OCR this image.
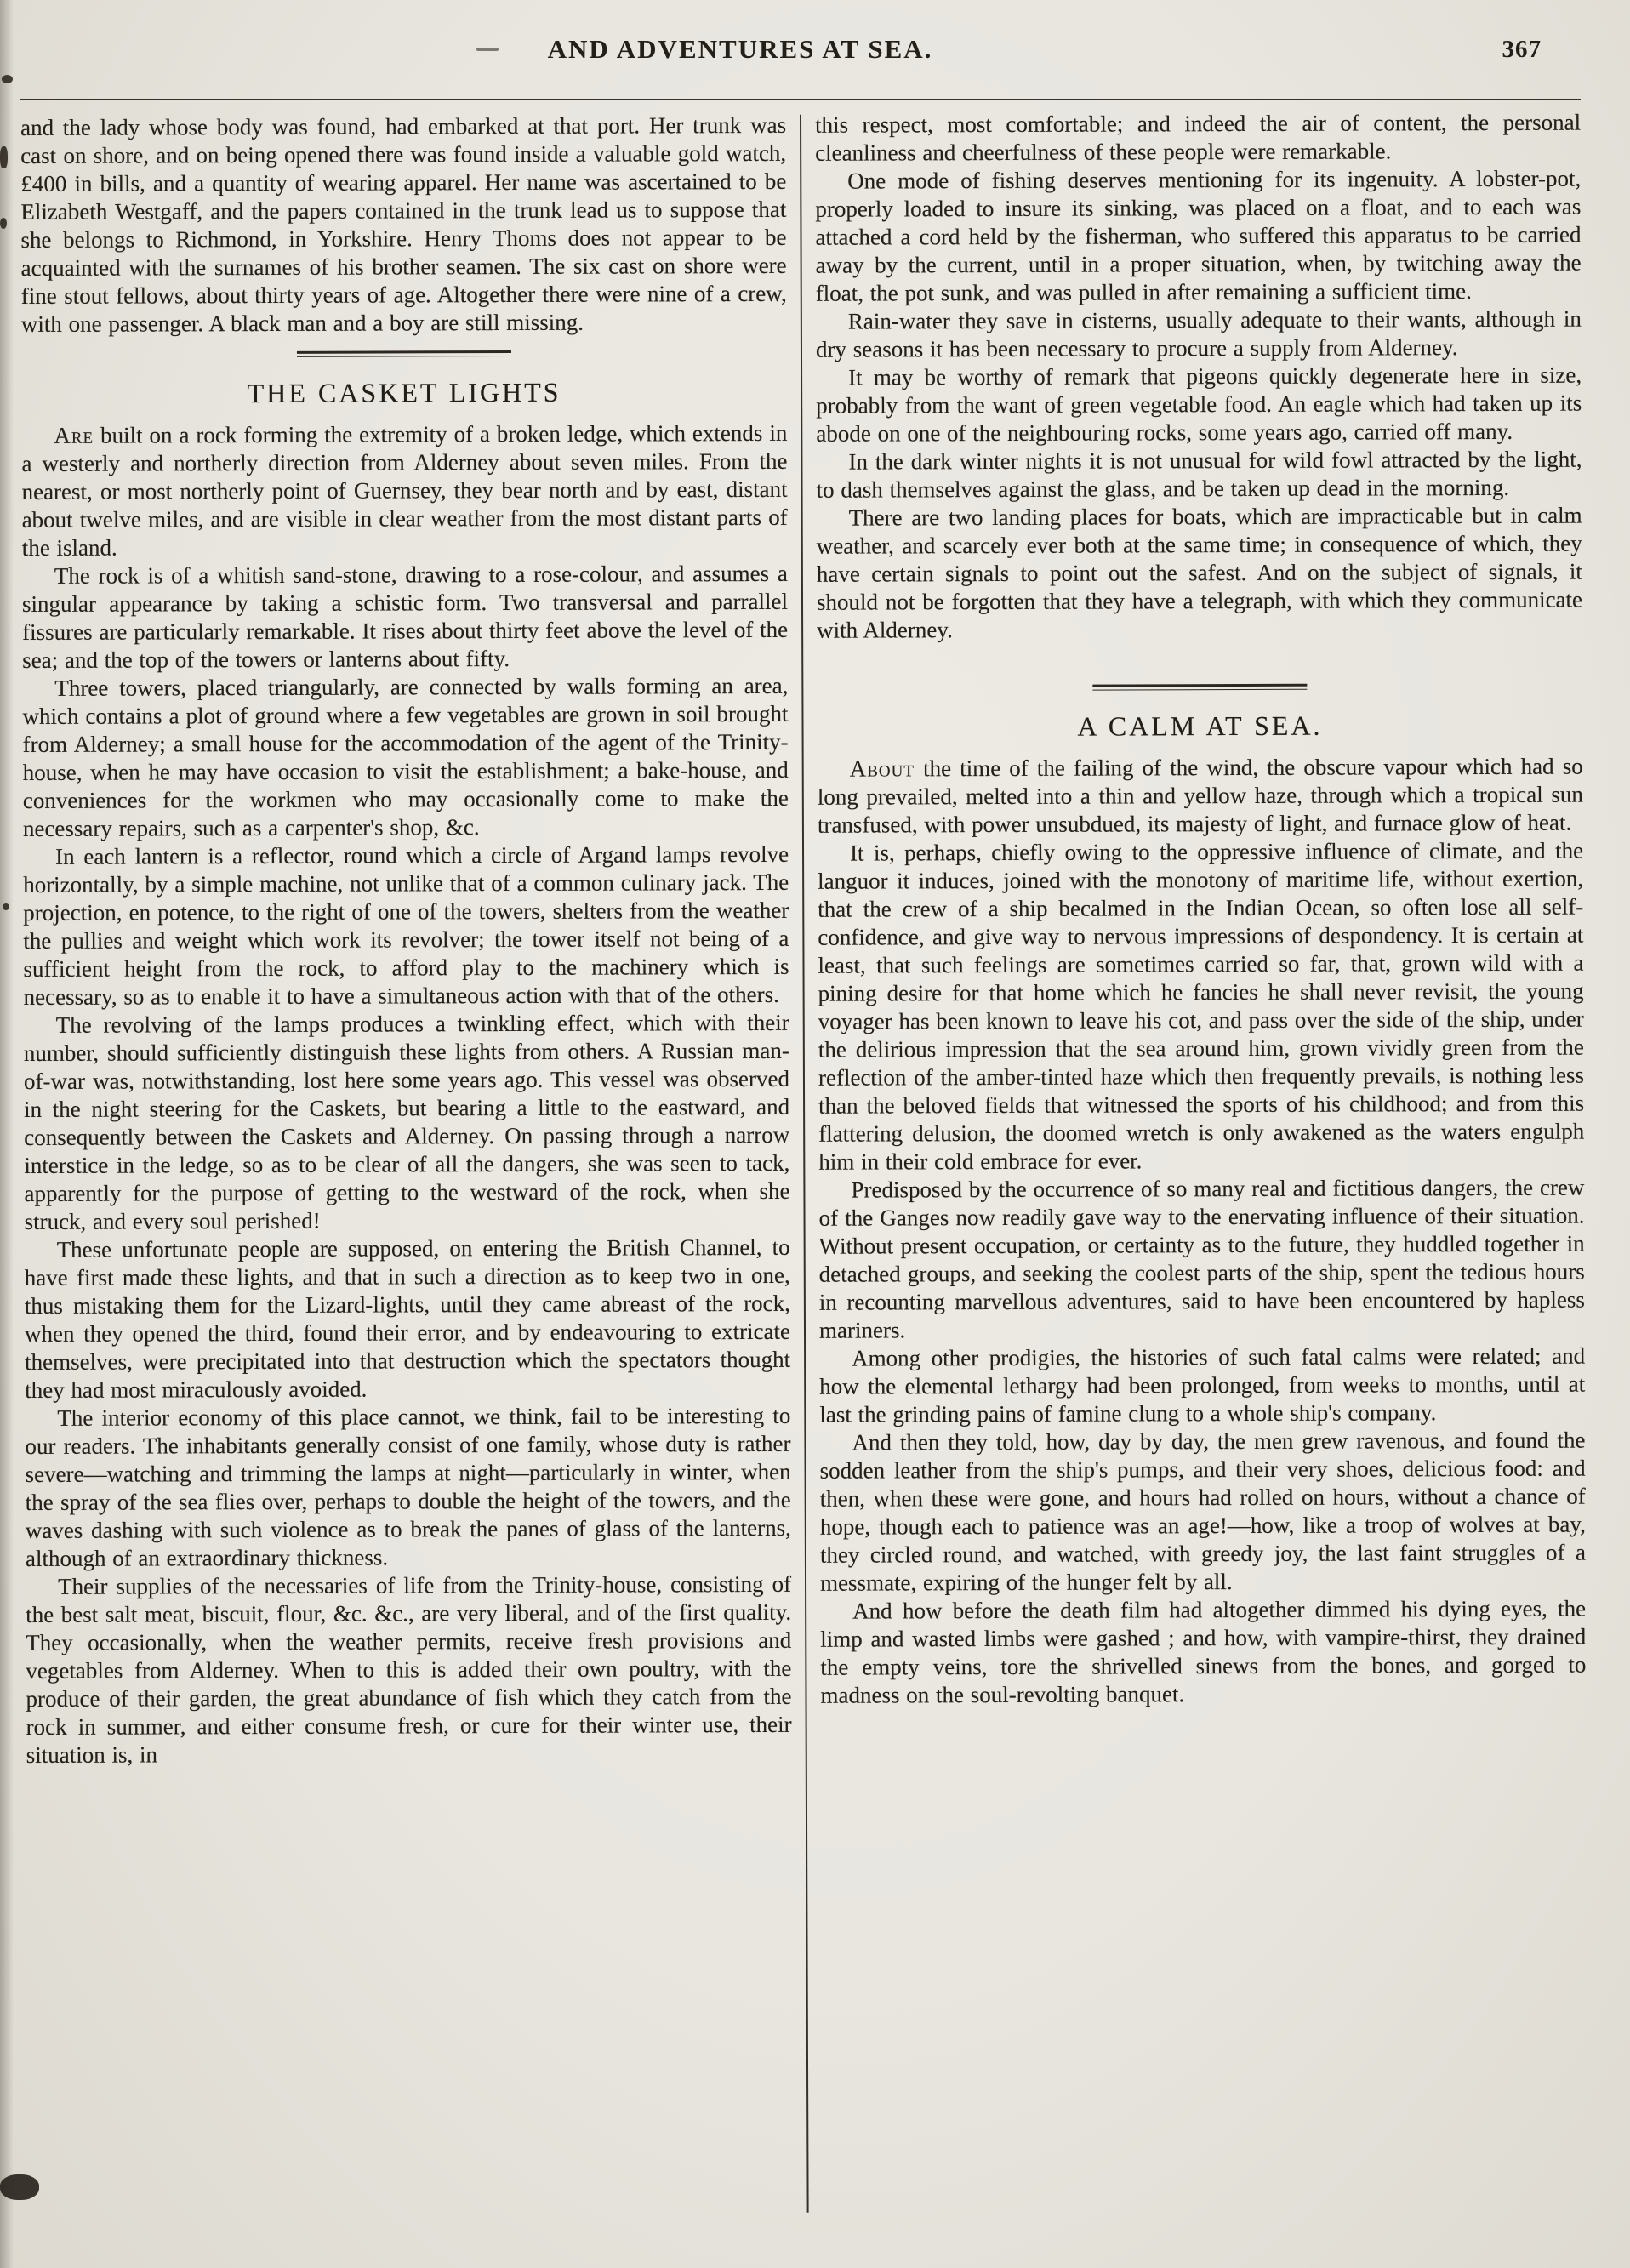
AND ADVENTURES AT SEA.	367

and the lady whose body was found, had embarked at that port. Her trunk was cast on shore, and on being opened there was found inside a valuable gold watch, £400 in bills, and a quantity of wearing apparel. Her name was ascertained to be Elizabeth Westgaff, and the papers contained in the trunk lead us to suppose that she belongs to Richmond, in Yorkshire. Henry Thoms does not appear to be acquainted with the surnames of his brother seamen. The six cast on shore were fine stout fellows, about thirty years of age. Altogether there were nine of a crew, with one passenger. A black man and a boy are still missing.

THE CASKET LIGHTS

Are built on a rock forming the extremity of a broken ledge, which extends in a westerly and northerly direction from Alderney about seven miles. From the nearest, or most northerly point of Guernsey, they bear north and by east, distant about twelve miles, and are visible in clear weather from the most distant parts of the island.

The rock is of a whitish sand-stone, drawing to a rose-colour, and assumes a singular appearance by taking a schistic form. Two transversal and parrallel fissures are particularly remarkable. It rises about thirty feet above the level of the sea; and the top of the towers or lanterns about fifty.

Three towers, placed triangularly, are connected by walls forming an area, which contains a plot of ground where a few vegetables are grown in soil brought from Alderney; a small house for the accommodation of the agent of the Trinity-house, when he may have occasion to visit the establishment; a bake-house, and conveniences for the workmen who may occasionally come to make the necessary repairs, such as a carpenter's shop, &c.

In each lantern is a reflector, round which a circle of Argand lamps revolve horizontally, by a simple machine, not unlike that of a common culinary jack. The projection, en potence, to the right of one of the towers, shelters from the weather the pullies and weight which work its revolver; the tower itself not being of a sufficient height from the rock, to afford play to the machinery which is necessary, so as to enable it to have a simultaneous action with that of the others.

The revolving of the lamps produces a twinkling effect, which with their number, should sufficiently distinguish these lights from others. A Russian man-of-war was, notwithstanding, lost here some years ago. This vessel was observed in the night steering for the Caskets, but bearing a little to the eastward, and consequently between the Caskets and Alderney. On passing through a narrow interstice in the ledge, so as to be clear of all the dangers, she was seen to tack, apparently for the purpose of getting to the westward of the rock, when she struck, and every soul perished!

These unfortunate people are supposed, on entering the British Channel, to have first made these lights, and that in such a direction as to keep two in one, thus mistaking them for the Lizard-lights, until they came abreast of the rock, when they opened the third, found their error, and by endeavouring to extricate themselves, were precipitated into that destruction which the spectators thought they had most miraculously avoided.

The interior economy of this place cannot, we think, fail to be interesting to our readers. The inhabitants generally consist of one family, whose duty is rather severe—watching and trimming the lamps at night—particularly in winter, when the spray of the sea flies over, perhaps to double the height of the towers, and the waves dashing with such violence as to break the panes of glass of the lanterns, although of an extraordinary thickness.

Their supplies of the necessaries of life from the Trinity-house, consisting of the best salt meat, biscuit, flour, &c. &c., are very liberal, and of the first quality. They occasionally, when the weather permits, receive fresh provisions and vegetables from Alderney. When to this is added their own poultry, with the produce of their garden, the great abundance of fish which they catch from the rock in summer, and either consume fresh, or cure for their winter use, their situation is, in

this respect, most comfortable; and indeed the air of content, the personal cleanliness and cheerfulness of these people were remarkable.

One mode of fishing deserves mentioning for its ingenuity. A lobster-pot, properly loaded to insure its sinking, was placed on a float, and to each was attached a cord held by the fisherman, who suffered this apparatus to be carried away by the current, until in a proper situation, when, by twitching away the float, the pot sunk, and was pulled in after remaining a sufficient time.

Rain-water they save in cisterns, usually adequate to their wants, although in dry seasons it has been necessary to procure a supply from Alderney.

It may be worthy of remark that pigeons quickly degenerate here in size, probably from the want of green vegetable food. An eagle which had taken up its abode on one of the neighbouring rocks, some years ago, carried off many.

In the dark winter nights it is not unusual for wild fowl attracted by the light, to dash themselves against the glass, and be taken up dead in the morning.

There are two landing places for boats, which are impracticable but in calm weather, and scarcely ever both at the same time; in consequence of which, they have certain signals to point out the safest. And on the subject of signals, it should not be forgotten that they have a telegraph, with which they communicate with Alderney.

A CALM AT SEA.

About the time of the failing of the wind, the obscure vapour which had so long prevailed, melted into a thin and yellow haze, through which a tropical sun transfused, with power unsubdued, its majesty of light, and furnace glow of heat.

It is, perhaps, chiefly owing to the oppressive influence of climate, and the languor it induces, joined with the monotony of maritime life, without exertion, that the crew of a ship becalmed in the Indian Ocean, so often lose all self-confidence, and give way to nervous impressions of despondency. It is certain at least, that such feelings are sometimes carried so far, that, grown wild with a pining desire for that home which he fancies he shall never revisit, the young voyager has been known to leave his cot, and pass over the side of the ship, under the delirious impression that the sea around him, grown vividly green from the reflection of the amber-tinted haze which then frequently prevails, is nothing less than the beloved fields that witnessed the sports of his childhood; and from this flattering delusion, the doomed wretch is only awakened as the waters engulph him in their cold embrace for ever.

Predisposed by the occurrence of so many real and fictitious dangers, the crew of the Ganges now readily gave way to the enervating influence of their situation. Without present occupation, or certainty as to the future, they huddled together in detached groups, and seeking the coolest parts of the ship, spent the tedious hours in recounting marvellous adventures, said to have been encountered by hapless mariners.

Among other prodigies, the histories of such fatal calms were related; and how the elemental lethargy had been prolonged, from weeks to months, until at last the grinding pains of famine clung to a whole ship's company.

And then they told, how, day by day, the men grew ravenous, and found the sodden leather from the ship's pumps, and their very shoes, delicious food: and then, when these were gone, and hours had rolled on hours, without a chance of hope, though each to patience was an age!—how, like a troop of wolves at bay, they circled round, and watched, with greedy joy, the last faint struggles of a messmate, expiring of the hunger felt by all.

And how before the death film had altogether dimmed his dying eyes, the limp and wasted limbs were gashed ; and how, with vampire-thirst, they drained the empty veins, tore the shrivelled sinews from the bones, and gorged to madness on the soul-revolting banquet.
